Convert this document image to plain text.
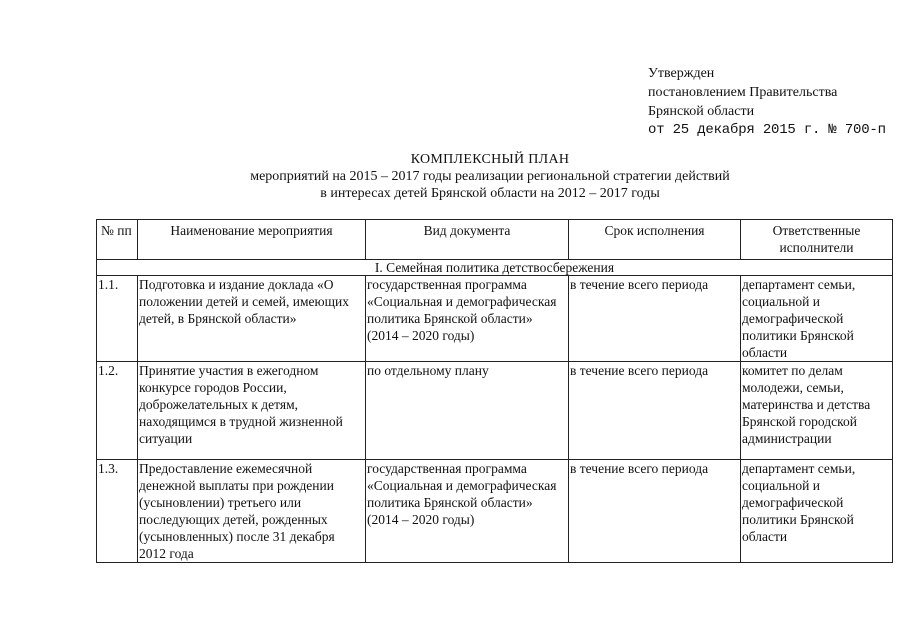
Утвержден
постановлением Правительства
Брянской области
от 25 декабря 2015 г. № 700-п
КОМПЛЕКСНЫЙ ПЛАН
мероприятий на 2015 – 2017 годы реализации региональной стратегии действий
в интересах детей Брянской области на 2012 – 2017 годы
№ пп	Наименование мероприятия	Вид документа	Срок исполнения	Ответственные исполнители
I. Семейная политика детствосбережения				
1.1.	Подготовка и издание доклада «О положении детей и семей, имеющих детей, в Брянской области»	государственная программа «Социальная и демографическая политика Брянской области» (2014 – 2020 годы)	в течение всего периода	департамент семьи, социальной и демографической политики Брянской области
1.2.	Принятие участия в ежегодном конкурсе городов России, доброжелательных к детям, находящимся в трудной жизненной ситуации	по отдельному плану	в течение всего периода	комитет по делам молодежи, семьи, материнства и детства Брянской городской администрации
1.3.	Предоставление ежемесячной денежной выплаты при рождении (усыновлении) третьего или последующих детей, рожденных (усыновленных) после 31 декабря 2012 года	государственная программа «Социальная и демографическая политика Брянской области» (2014 – 2020 годы)	в течение всего периода	департамент семьи, социальной и демографической политики Брянской области
